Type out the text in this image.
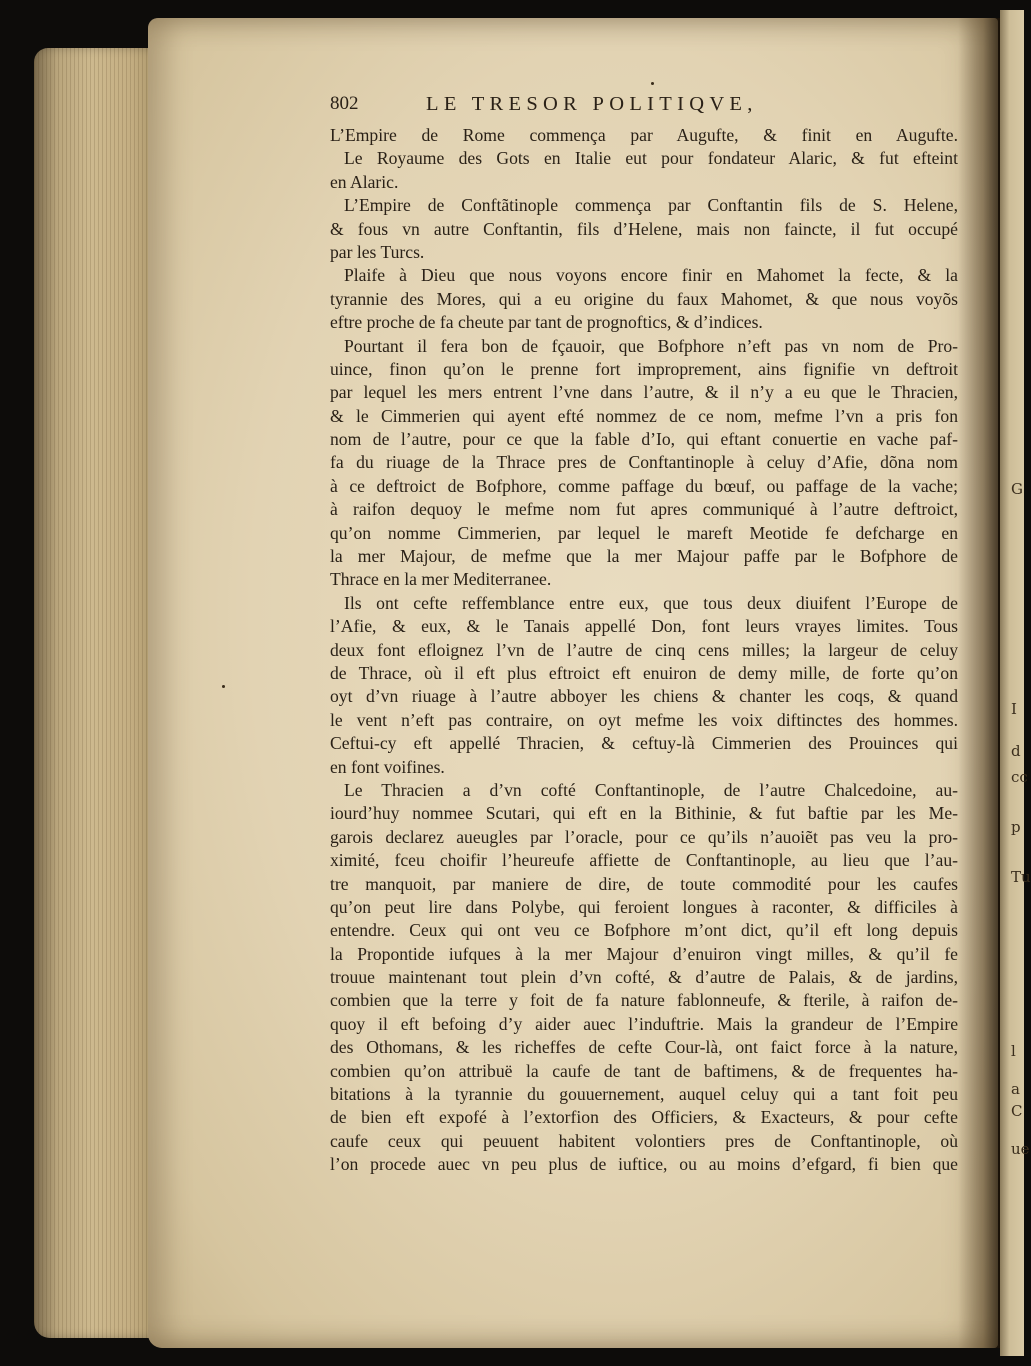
I
d
cc
p
Tu
G
l
a
C
ue
802	LE TRESOR POLITIQVE,
L’Empire de Rome commença par Augufte, & finit en Augufte.
Le Royaume des Gots en Italie eut pour fondateur Alaric, & fut efteint
en Alaric.
L’Empire de Conftãtinople commença par Conftantin fils de S. Helene,
& fous vn autre Conftantin, fils d’Helene, mais non faincte, il fut occupé
par les Turcs.
Plaife à Dieu que nous voyons encore finir en Mahomet la fecte, & la
tyrannie des Mores, qui a eu origine du faux Mahomet, & que nous voyõs
eftre proche de fa cheute par tant de prognoftics, & d’indices.
Pourtant il fera bon de fçauoir, que Bofphore n’eft pas vn nom de Pro-
uince, finon qu’on le prenne fort improprement, ains fignifie vn deftroit
par lequel les mers entrent l’vne dans l’autre, & il n’y a eu que le Thracien,
& le Cimmerien qui ayent efté nommez de ce nom, mefme l’vn a pris fon
nom de l’autre, pour ce que la fable d’Io, qui eftant conuertie en vache paf-
fa du riuage de la Thrace pres de Conftantinople à celuy d’Afie, dõna nom
à ce deftroict de Bofphore, comme paffage du bœuf, ou paffage de la vache;
à raifon dequoy le mefme nom fut apres communiqué à l’autre deftroict,
qu’on nomme Cimmerien, par lequel le mareft Meotide fe defcharge en
la mer Majour, de mefme que la mer Majour paffe par le Bofphore de
Thrace en la mer Mediterranee.
Ils ont cefte reffemblance entre eux, que tous deux diuifent l’Europe de
l’Afie, & eux, & le Tanais appellé Don, font leurs vrayes limites. Tous
deux font efloignez l’vn de l’autre de cinq cens milles; la largeur de celuy
de Thrace, où il eft plus eftroict eft enuiron de demy mille, de forte qu’on
oyt d’vn riuage à l’autre abboyer les chiens & chanter les coqs, & quand
le vent n’eft pas contraire, on oyt mefme les voix diftinctes des hommes.
Ceftui-cy eft appellé Thracien, & ceftuy-là Cimmerien des Prouinces qui
en font voifines.
Le Thracien a d’vn cofté Conftantinople, de l’autre Chalcedoine, au-
iourd’huy nommee Scutari, qui eft en la Bithinie, & fut baftie par les Me-
garois declarez aueugles par l’oracle, pour ce qu’ils n’auoiẽt pas veu la pro-
ximité, fceu choifir l’heureufe affiette de Conftantinople, au lieu que l’au-
tre manquoit, par maniere de dire, de toute commodité pour les caufes
qu’on peut lire dans Polybe, qui feroient longues à raconter, & difficiles à
entendre. Ceux qui ont veu ce Bofphore m’ont dict, qu’il eft long depuis
la Propontide iufques à la mer Majour d’enuiron vingt milles, & qu’il fe
trouue maintenant tout plein d’vn cofté, & d’autre de Palais, & de jardins,
combien que la terre y foit de fa nature fablonneufe, & fterile, à raifon de-
quoy il eft befoing d’y aider auec l’induftrie. Mais la grandeur de l’Empire
des Othomans, & les richeffes de cefte Cour-là, ont faict force à la nature,
combien qu’on attribuë la caufe de tant de baftimens, & de frequentes ha-
bitations à la tyrannie du gouuernement, auquel celuy qui a tant foit peu
de bien eft expofé à l’extorfion des Officiers, & Exacteurs, & pour cefte
caufe ceux qui peuuent habitent volontiers pres de Conftantinople, où
l’on procede auec vn peu plus de iuftice, ou au moins d’efgard, fi bien que
